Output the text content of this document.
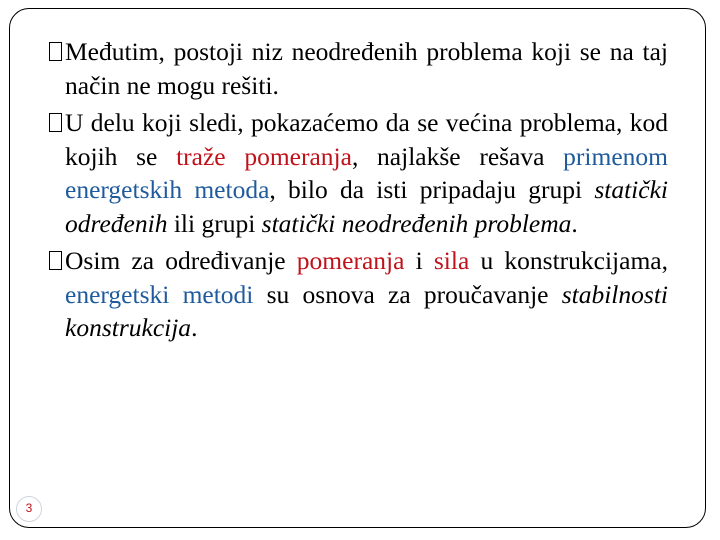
Međutim, postoji niz neodređenih problema koji se na taj način ne mogu rešiti.

U delu koji sledi, pokazaćemo da se većina problema, kod kojih se traže pomeranja, najlakše rešava primenom energetskih metoda, bilo da isti pripadaju grupi statički određenih ili grupi statički neodređenih problema.

Osim za određivanje pomeranja i sila u konstrukcijama, energetski metodi su osnova za proučavanje stabilnosti konstrukcija.

3
